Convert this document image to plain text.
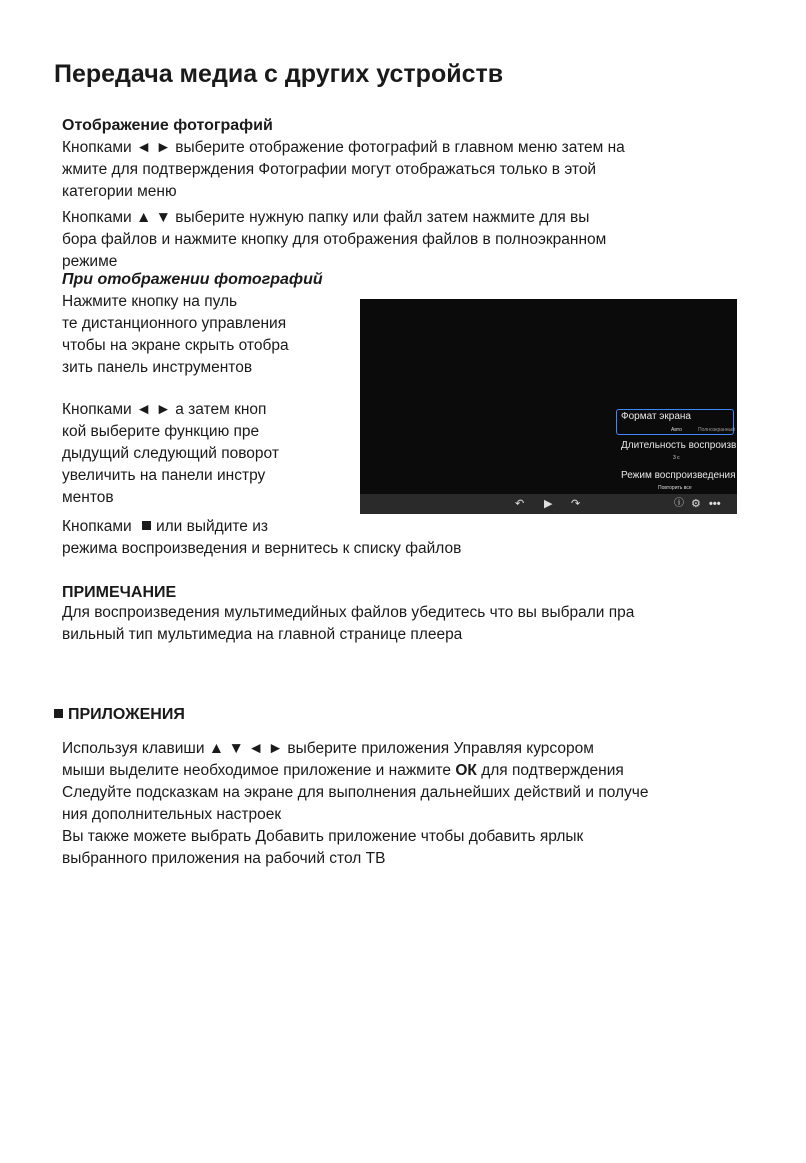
Передача медиа с других устройств
Отображение фотографий
Кнопками ◄ ► выберите отображение фотографий в главном меню затем на
жмите для подтверждения Фотографии могут отображаться только в этой
категории меню
Кнопками ▲ ▼ выберите нужную папку или файл затем нажмите для вы
бора файлов и нажмите кнопку для отображения файлов в полноэкранном
режиме
При отображении фотографий
Нажмите кнопку на пуль
те дистанционного управления
чтобы на экране скрыть отобра
зить панель инструментов
Кнопками ◄ ► а затем кноп
кой выберите функцию пре
дыдущий следующий поворот
увеличить на панели инстру
ментов
Кнопками или выйдите из
режима воспроизведения и вернитесь к списку файлов
Формат экрана
Авто	Полноэкранный
Длительность воспроизв
3 с
Режим воспроизведения
Повторить все
↶ ▶ ↷	ⓘ ⚙ •••
ПРИМЕЧАНИЕ
Для воспроизведения мультимедийных файлов убедитесь что вы выбрали пра
вильный тип мультимедиа на главной странице плеера
ПРИЛОЖЕНИЯ
Используя клавиши ▲ ▼ ◄ ► выберите приложения Управляя курсором
мыши выделите необходимое приложение и нажмите ОК для подтверждения
Следуйте подсказкам на экране для выполнения дальнейших действий и получе
ния дополнительных настроек
Вы также можете выбрать Добавить приложение чтобы добавить ярлык
выбранного приложения на рабочий стол ТВ
